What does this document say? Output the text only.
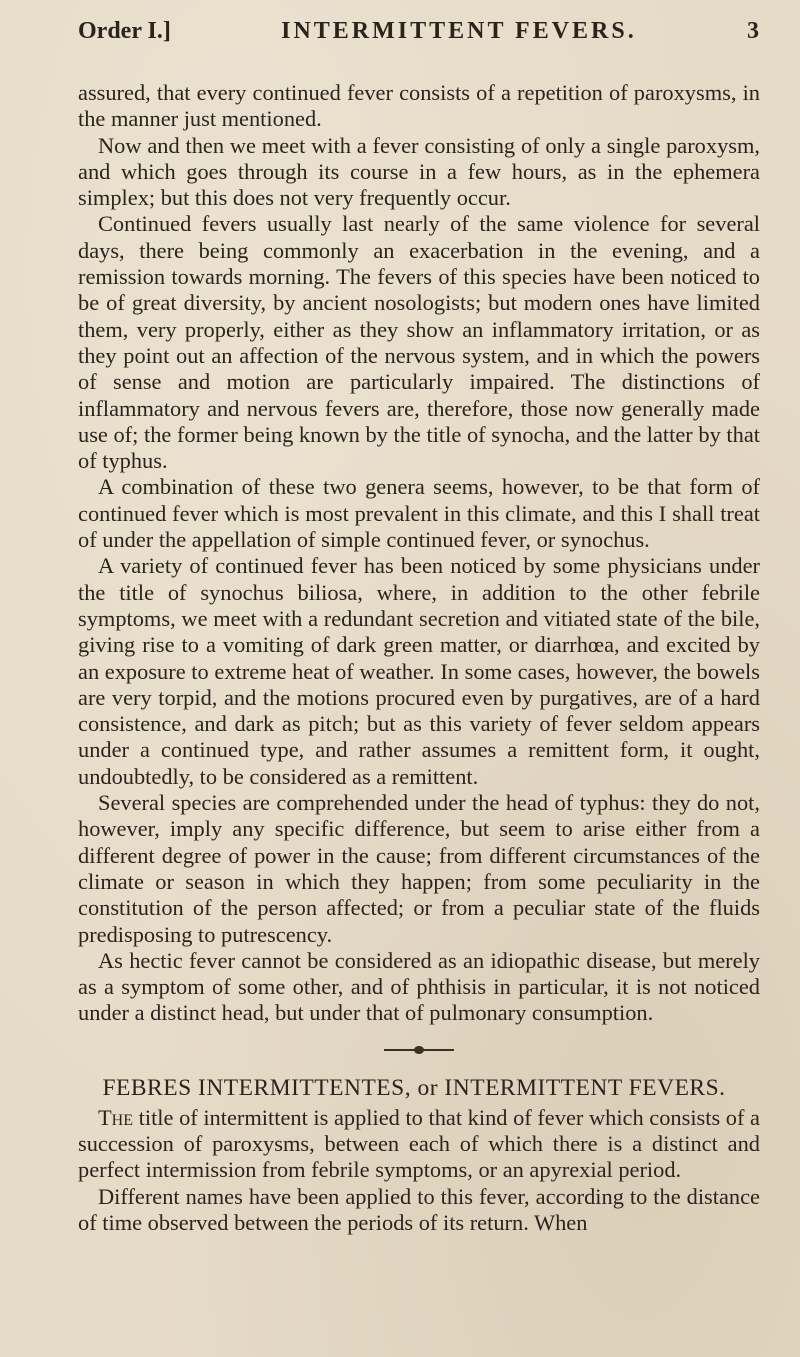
Order I.]	INTERMITTENT FEVERS.	3

assured, that every continued fever consists of a repetition of paroxysms, in the manner just mentioned.

Now and then we meet with a fever consisting of only a single paroxysm, and which goes through its course in a few hours, as in the ephemera simplex; but this does not very frequently occur.

Continued fevers usually last nearly of the same violence for several days, there being commonly an exacerbation in the evening, and a remission towards morning. The fevers of this species have been noticed to be of great diversity, by ancient nosologists; but modern ones have limited them, very properly, either as they show an inflammatory irritation, or as they point out an affection of the nervous system, and in which the powers of sense and motion are particularly impaired. The distinctions of inflammatory and nervous fevers are, therefore, those now generally made use of; the former being known by the title of synocha, and the latter by that of typhus.

A combination of these two genera seems, however, to be that form of continued fever which is most prevalent in this climate, and this I shall treat of under the appellation of simple continued fever, or synochus.

A variety of continued fever has been noticed by some physicians under the title of synochus biliosa, where, in addition to the other febrile symptoms, we meet with a redundant secretion and vitiated state of the bile, giving rise to a vomiting of dark green matter, or diarrhœa, and excited by an exposure to extreme heat of weather. In some cases, however, the bowels are very torpid, and the motions procured even by purgatives, are of a hard consistence, and dark as pitch; but as this variety of fever seldom appears under a continued type, and rather assumes a remittent form, it ought, undoubtedly, to be considered as a remittent.

Several species are comprehended under the head of typhus: they do not, however, imply any specific difference, but seem to arise either from a different degree of power in the cause; from different circumstances of the climate or season in which they happen; from some peculiarity in the constitution of the person affected; or from a peculiar state of the fluids predisposing to putrescency.

As hectic fever cannot be considered as an idiopathic disease, but merely as a symptom of some other, and of phthisis in particular, it is not noticed under a distinct head, but under that of pulmonary consumption.

FEBRES INTERMITTENTES, or INTERMITTENT FEVERS.

The title of intermittent is applied to that kind of fever which consists of a succession of paroxysms, between each of which there is a distinct and perfect intermission from febrile symptoms, or an apyrexial period.

Different names have been applied to this fever, according to the distance of time observed between the periods of its return. When
